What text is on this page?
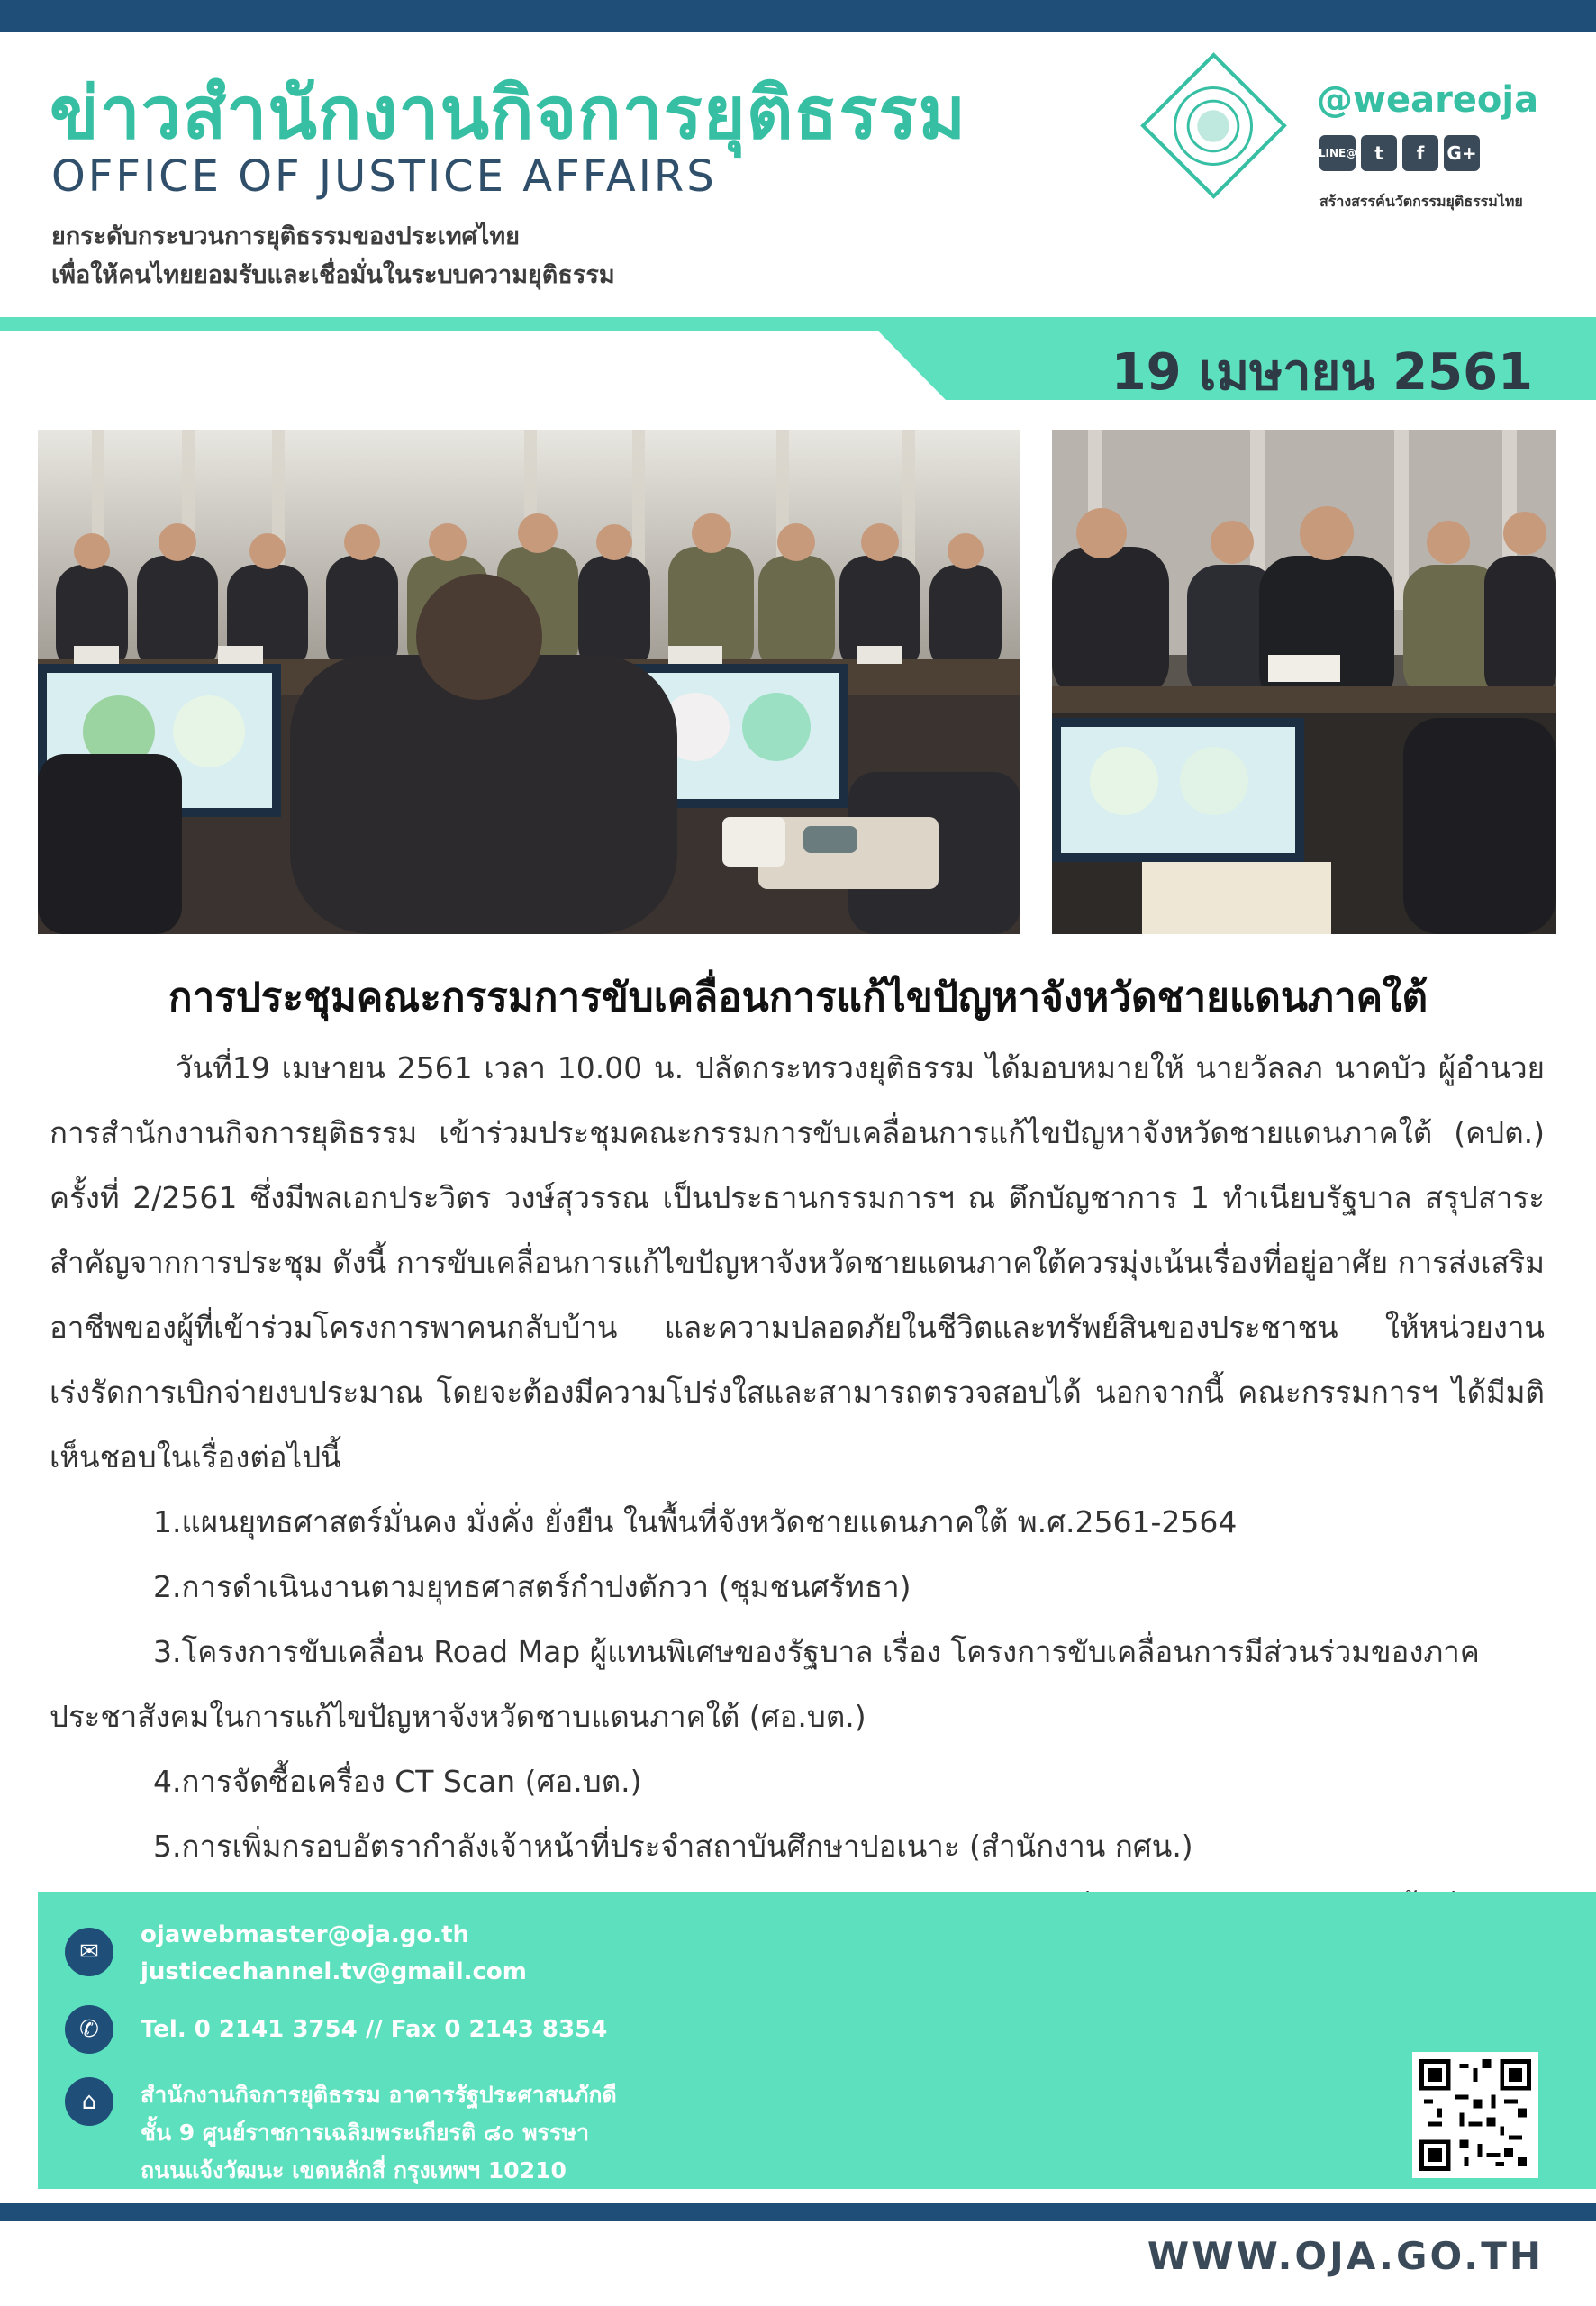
ข่าวสำนักงานกิจการยุติธรรม
OFFICE OF JUSTICE AFFAIRS
ยกระดับกระบวนการยุติธรรมของประเทศไทย
เพื่อให้คนไทยยอมรับและเชื่อมั่นในระบบความยุติธรรม
@weareoja
LINE@	t	f	G+
สร้างสรรค์นวัตกรรมยุติธรรมไทย
19 เมษายน 2561
การประชุมคณะกรรมการขับเคลื่อนการแก้ไขปัญหาจังหวัดชายแดนภาคใต้

วันที่19 เมษายน 2561 เวลา 10.00 น. ปลัดกระทรวงยุติธรรม ได้มอบหมายให้ นายวัลลภ นาคบัว ผู้อำนวยการสำนักงานกิจการยุติธรรม เข้าร่วมประชุมคณะกรรมการขับเคลื่อนการแก้ไขปัญหาจังหวัดชายแดนภาคใต้ (คปต.) ครั้งที่ 2/2561 ซึ่งมีพลเอกประวิตร วงษ์สุวรรณ เป็นประธานกรรมการฯ ณ ตึกบัญชาการ 1 ทำเนียบรัฐบาล สรุปสาระสำคัญจากการประชุม ดังนี้ การขับเคลื่อนการแก้ไขปัญหาจังหวัดชายแดนภาคใต้ควรมุ่งเน้นเรื่องที่อยู่อาศัย การส่งเสริมอาชีพของผู้ที่เข้าร่วมโครงการพาคนกลับบ้าน และความปลอดภัยในชีวิตและทรัพย์สินของประชาชน ให้หน่วยงานเร่งรัดการเบิกจ่ายงบประมาณ โดยจะต้องมีความโปร่งใสและสามารถตรวจสอบได้ นอกจากนี้ คณะกรรมการฯ ได้มีมติเห็นชอบในเรื่องต่อไปนี้

1.แผนยุทธศาสตร์มั่นคง มั่งคั่ง ยั่งยืน ในพื้นที่จังหวัดชายแดนภาคใต้ พ.ศ.2561-2564

2.การดำเนินงานตามยุทธศาสตร์กำปงตักวา (ชุมชนศรัทธา)

3.โครงการขับเคลื่อน Road Map ผู้แทนพิเศษของรัฐบาล เรื่อง โครงการขับเคลื่อนการมีส่วนร่วมของภาคประชาสังคมในการแก้ไขปัญหาจังหวัดชาบแดนภาคใต้ (ศอ.บต.)

4.การจัดซื้อเครื่อง CT Scan (ศอ.บต.)

5.การเพิ่มกรอบอัตรากำลังเจ้าหน้าที่ประจำสถาบันศึกษาปอเนาะ (สำนักงาน กศน.)

✉
ojawebmaster@oja.go.th
justicechannel.tv@gmail.com
✆	Tel. 0 2141 3754 // Fax 0 2143 8354
⌂	สำนักงานกิจการยุติธรรม อาคารรัฐประศาสนภักดี
ชั้น 9 ศูนย์ราชการเฉลิมพระเกียรติ ๘๐ พรรษา
ถนนแจ้งวัฒนะ เขตหลักสี่ กรุงเทพฯ 10210
WWW.OJA.GO.TH
